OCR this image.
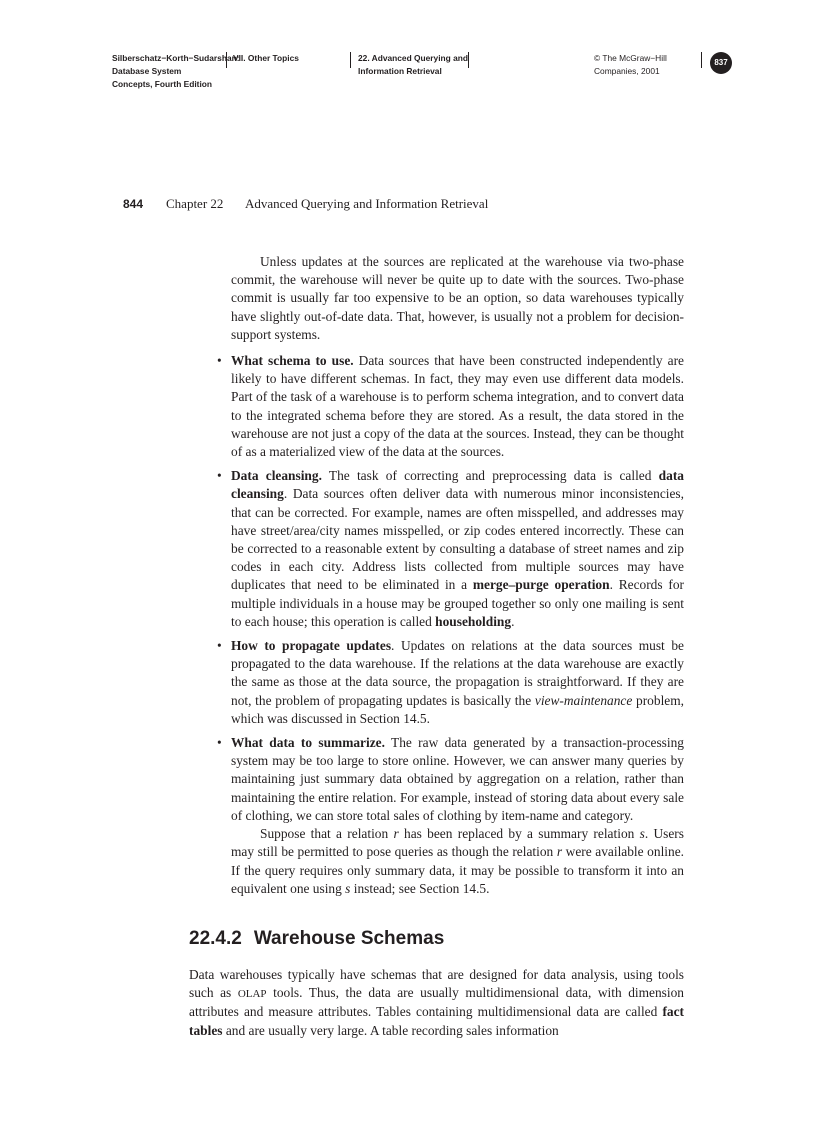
Silberschatz−Korth−Sudarshan:
Database System
Concepts, Fourth Edition
VII. Other Topics	22. Advanced Querying and
Information Retrieval
© The McGraw−Hill
Companies, 2001
837
844 Chapter 22 Advanced Querying and Information Retrieval

Unless updates at the sources are replicated at the warehouse via two-phase commit, the warehouse will never be quite up to date with the sources. Two-phase commit is usually far too expensive to be an option, so data warehouses typically have slightly out-of-date data. That, however, is usually not a problem for decision-support systems.

• What schema to use. Data sources that have been constructed independently are likely to have different schemas. In fact, they may even use different data models. Part of the task of a warehouse is to perform schema integration, and to convert data to the integrated schema before they are stored. As a result, the data stored in the warehouse are not just a copy of the data at the sources. Instead, they can be thought of as a materialized view of the data at the sources.

• Data cleansing. The task of correcting and preprocessing data is called data cleansing. Data sources often deliver data with numerous minor inconsistencies, that can be corrected. For example, names are often misspelled, and addresses may have street/area/city names misspelled, or zip codes entered incorrectly. These can be corrected to a reasonable extent by consulting a database of street names and zip codes in each city. Address lists collected from multiple sources may have duplicates that need to be eliminated in a merge–purge operation. Records for multiple individuals in a house may be grouped together so only one mailing is sent to each house; this operation is called householding.

• How to propagate updates. Updates on relations at the data sources must be propagated to the data warehouse. If the relations at the data warehouse are exactly the same as those at the data source, the propagation is straightforward. If they are not, the problem of propagating updates is basically the view-maintenance problem, which was discussed in Section 14.5.

• What data to summarize. The raw data generated by a transaction-processing system may be too large to store online. However, we can answer many queries by maintaining just summary data obtained by aggregation on a relation, rather than maintaining the entire relation. For example, instead of storing data about every sale of clothing, we can store total sales of clothing by item-name and category.

Suppose that a relation r has been replaced by a summary relation s. Users may still be permitted to pose queries as though the relation r were available online. If the query requires only summary data, it may be possible to transform it into an equivalent one using s instead; see Section 14.5.

22.4.2 Warehouse Schemas

Data warehouses typically have schemas that are designed for data analysis, using tools such as OLAP tools. Thus, the data are usually multidimensional data, with dimension attributes and measure attributes. Tables containing multidimensional data are called fact tables and are usually very large. A table recording sales information
